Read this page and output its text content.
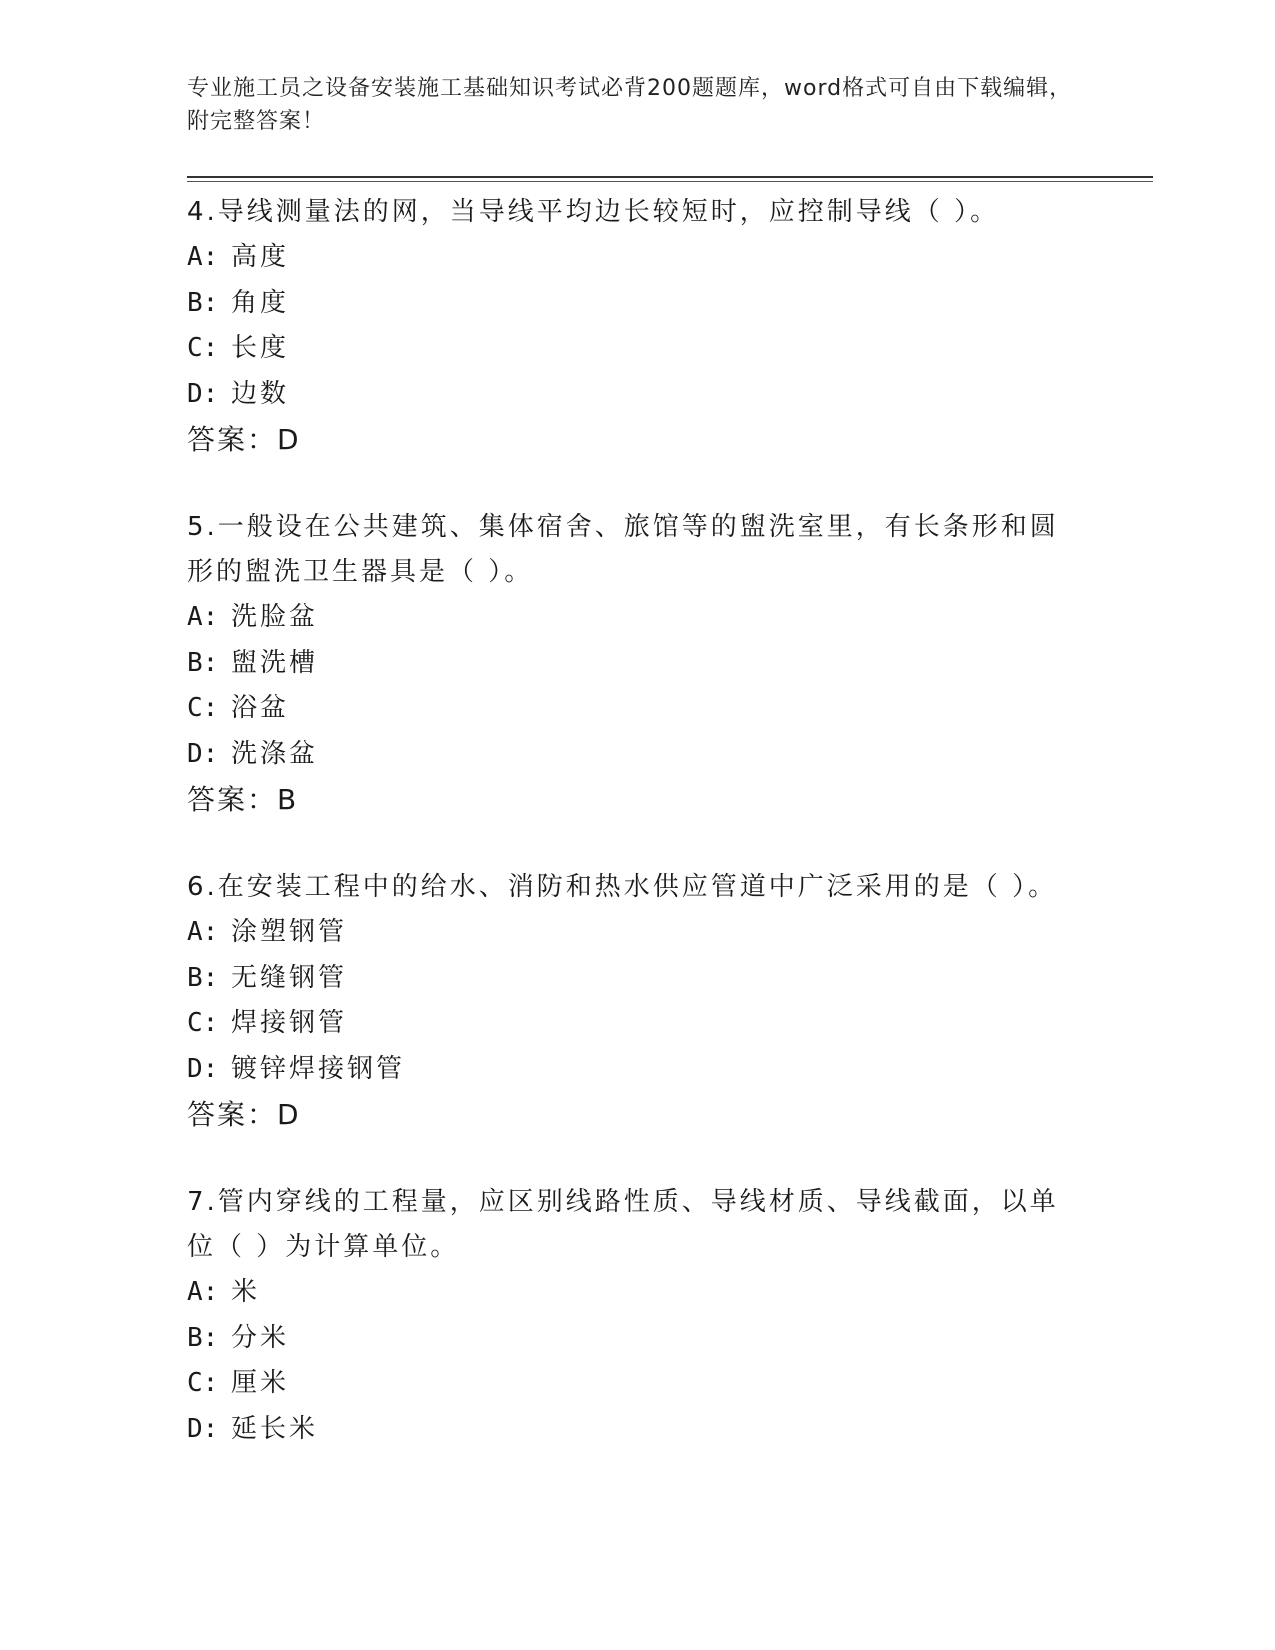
专业施工员之设备安装施工基础知识考试必背200题题库，word格式可自由下载编辑，附完整答案！

4.导线测量法的网，当导线平均边长较短时，应控制导线（ ）。

A: 高度

B: 角度

C: 长度

D: 边数

答案：D

5.一般设在公共建筑、集体宿舍、旅馆等的盥洗室里，有长条形和圆形的盥洗卫生器具是（ ）。

A: 洗脸盆

B: 盥洗槽

C: 浴盆

D: 洗涤盆

答案：B

6.在安装工程中的给水、消防和热水供应管道中广泛采用的是（ ）。

A: 涂塑钢管

B: 无缝钢管

C: 焊接钢管

D: 镀锌焊接钢管

答案：D

7.管内穿线的工程量，应区别线路性质、导线材质、导线截面，以单位（ ）为计算单位。

A: 米

B: 分米

C: 厘米

D: 延长米
